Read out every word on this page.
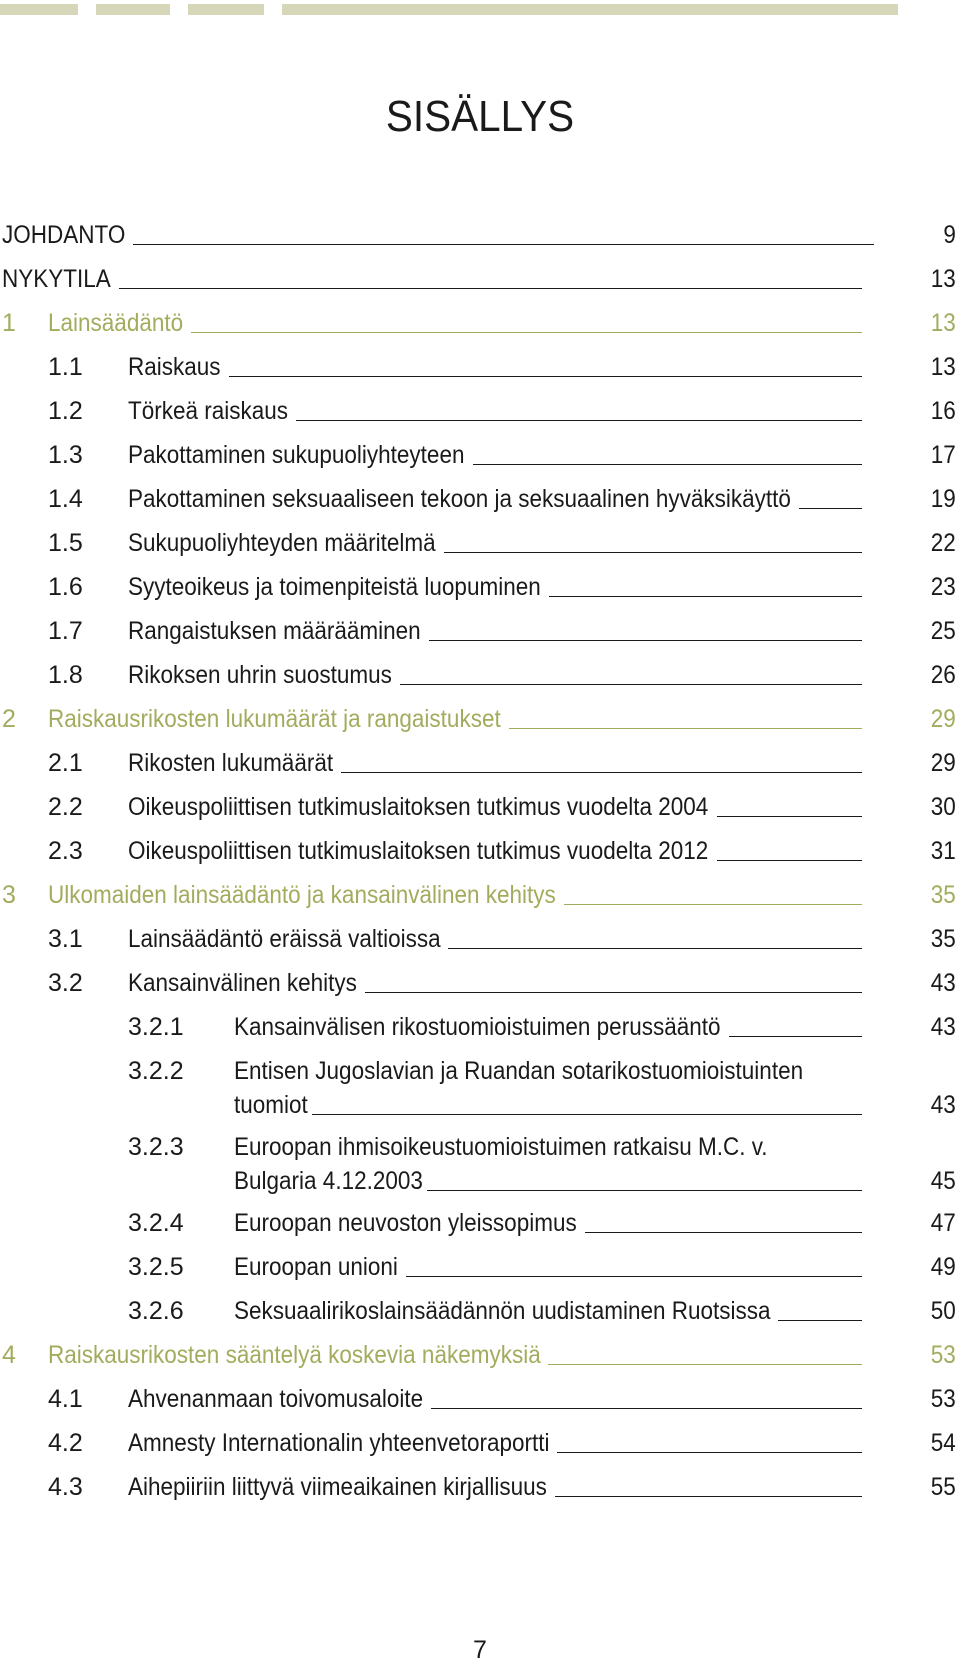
SISÄLLYS
JOHDANTO	9
NYKYTILA	13
1 Lainsäädäntö	13
1.1 Raiskaus	13
1.2 Törkeä raiskaus	16
1.3 Pakottaminen sukupuoliyhteyteen	17
1.4 Pakottaminen seksuaaliseen tekoon ja seksuaalinen hyväksikäyttö	19
1.5 Sukupuoliyhteyden määritelmä	22
1.6 Syyteoikeus ja toimenpiteistä luopuminen	23
1.7 Rangaistuksen määrääminen	25
1.8 Rikoksen uhrin suostumus	26
2 Raiskausrikosten lukumäärät ja rangaistukset	29
2.1 Rikosten lukumäärät	29
2.2 Oikeuspoliittisen tutkimuslaitoksen tutkimus vuodelta 2004	30
2.3 Oikeuspoliittisen tutkimuslaitoksen tutkimus vuodelta 2012	31
3 Ulkomaiden lainsäädäntö ja kansainvälinen kehitys	35
3.1 Lainsäädäntö eräissä valtioissa	35
3.2 Kansainvälinen kehitys	43
3.2.1 Kansainvälisen rikostuomioistuimen perussääntö	43
3.2.2 Entisen Jugoslavian ja Ruandan sotarikostuomioistuinten
tuomiot	43
3.2.3 Euroopan ihmisoikeustuomioistuimen ratkaisu M.C. v.
Bulgaria 4.12.2003	45
3.2.4 Euroopan neuvoston yleissopimus	47
3.2.5 Euroopan unioni	49
3.2.6 Seksuaalirikoslainsäädännön uudistaminen Ruotsissa	50
4 Raiskausrikosten sääntelyä koskevia näkemyksiä	53
4.1 Ahvenanmaan toivomusaloite	53
4.2 Amnesty Internationalin yhteenvetoraportti	54
4.3 Aihepiiriin liittyvä viimeaikainen kirjallisuus	55
7
